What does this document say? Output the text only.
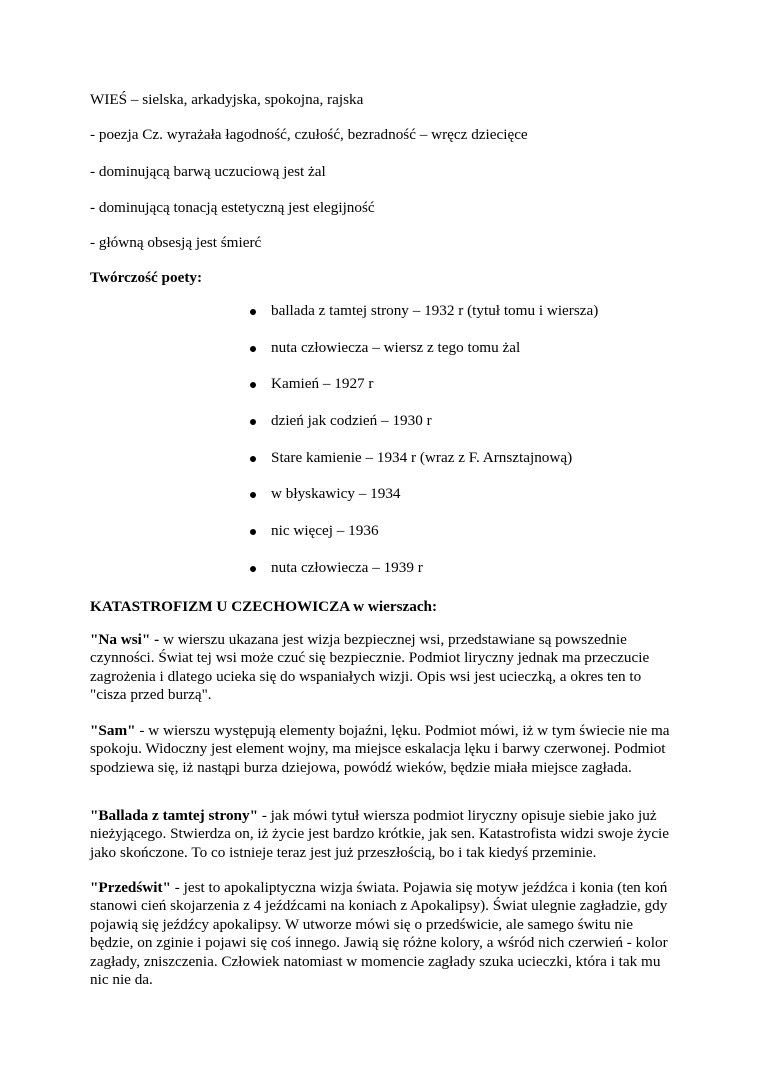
WIEŚ – sielska, arkadyjska, spokojna, rajska
- poezja Cz. wyrażała łagodność, czułość, bezradność – wręcz dziecięce
- dominującą barwą uczuciową jest żal
- dominującą tonacją estetyczną jest elegijność
- główną obsesją jest śmierć
Twórczość poety:
ballada z tamtej strony – 1932 r (tytuł tomu i wiersza)
nuta człowiecza – wiersz z tego tomu żal
Kamień – 1927 r
dzień jak codzień – 1930 r
Stare kamienie – 1934 r (wraz z F. Arnsztajnową)
w błyskawicy – 1934
nic więcej – 1936
nuta człowiecza – 1939 r
KATASTROFIZM U CZECHOWICZA w wierszach:

"Na wsi" - w wierszu ukazana jest wizja bezpiecznej wsi, przedstawiane są powszednie czynności. Świat tej wsi może czuć się bezpiecznie. Podmiot liryczny jednak ma przeczucie zagrożenia i dlatego ucieka się do wspaniałych wizji. Opis wsi jest ucieczką, a okres ten to "cisza przed burzą".

"Sam" - w wierszu występują elementy bojaźni, lęku. Podmiot mówi, iż w tym świecie nie ma spokoju. Widoczny jest element wojny, ma miejsce eskalacja lęku i barwy czerwonej. Podmiot spodziewa się, iż nastąpi burza dziejowa, powódź wieków, będzie miała miejsce zagłada.

"Ballada z tamtej strony" - jak mówi tytuł wiersza podmiot liryczny opisuje siebie jako już nieżyjącego. Stwierdza on, iż życie jest bardzo krótkie, jak sen. Katastrofista widzi swoje życie jako skończone. To co istnieje teraz jest już przeszłością, bo i tak kiedyś przeminie.

"Przedświt" - jest to apokaliptyczna wizja świata. Pojawia się motyw jeźdźca i konia (ten koń stanowi cień skojarzenia z 4 jeźdźcami na koniach z Apokalipsy). Świat ulegnie zagładzie, gdy pojawią się jeźdźcy apokalipsy. W utworze mówi się o przedświcie, ale samego świtu nie będzie, on zginie i pojawi się coś innego. Jawią się różne kolory, a wśród nich czerwień - kolor zagłady, zniszczenia. Człowiek natomiast w momencie zagłady szuka ucieczki, która i tak mu nic nie da.
